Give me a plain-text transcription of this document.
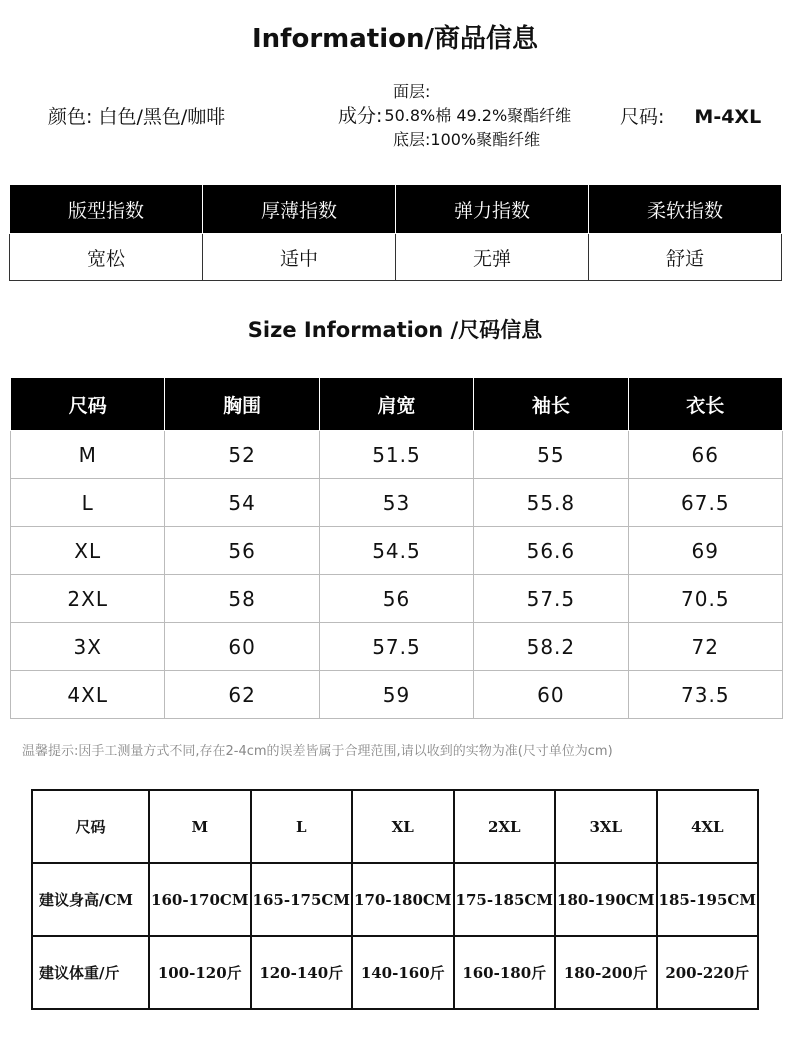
Information/商品信息
颜色: 白色/黑色/咖啡
面层:
成分: 50.8%棉 49.2%聚酯纤维
底层:100%聚酯纤维
尺码: M-4XL
版型指数	厚薄指数	弹力指数	柔软指数
宽松	适中	无弹	舒适
Size Information /尺码信息
尺码	胸围	肩宽	袖长	衣长
M	52	51.5	55	66
L	54	53	55.8	67.5
XL	56	54.5	56.6	69
2XL	58	56	57.5	70.5
3X	60	57.5	58.2	72
4XL	62	59	60	73.5
温馨提示:因手工测量方式不同,存在2-4cm的误差皆属于合理范围,请以收到的实物为准(尺寸单位为cm)
尺码	M	L	XL	2XL	3XL	4XL
建议身高/CM	160-170CM	165-175CM	170-180CM	175-185CM	180-190CM	185-195CM
建议体重/斤	100-120斤	120-140斤	140-160斤	160-180斤	180-200斤	200-220斤
